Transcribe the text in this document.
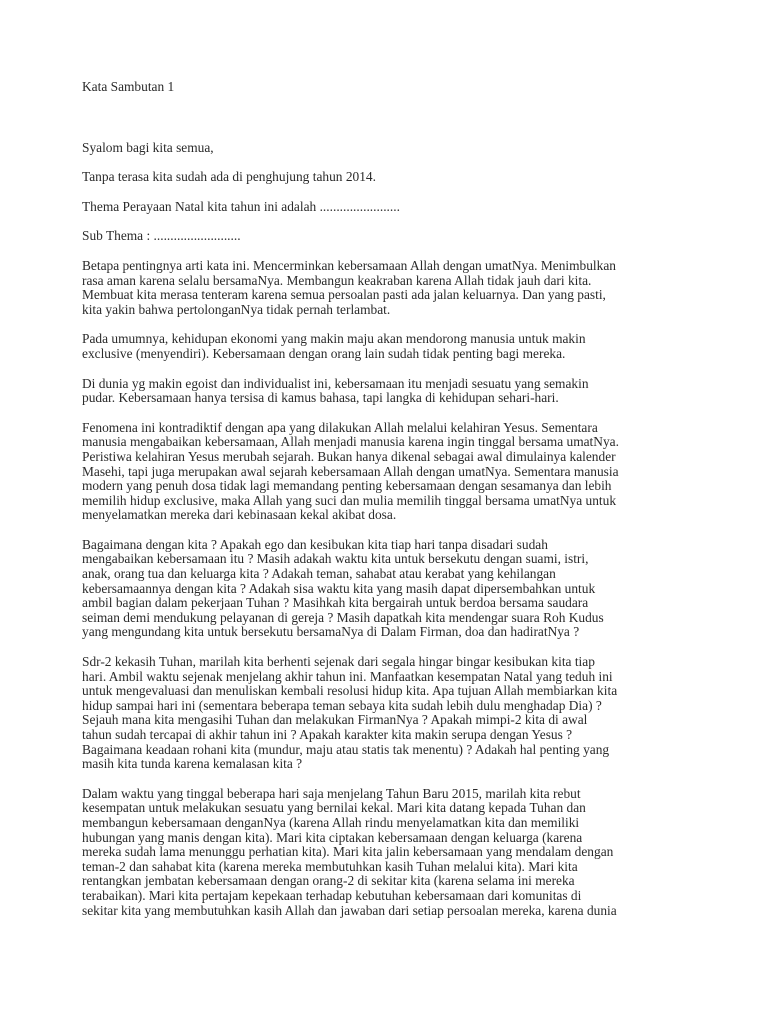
Kata Sambutan 1

Syalom bagi kita semua,

Tanpa terasa kita sudah ada di penghujung tahun 2014.

Thema Perayaan Natal kita tahun ini adalah ........................

Sub Thema : ..........................

Betapa pentingnya arti kata ini. Mencerminkan kebersamaan Allah dengan umatNya. Menimbulkan

rasa aman karena selalu bersamaNya. Membangun keakraban karena Allah tidak jauh dari kita.

Membuat kita merasa tenteram karena semua persoalan pasti ada jalan keluarnya. Dan yang pasti,

kita yakin bahwa pertolonganNya tidak pernah terlambat.

Pada umumnya, kehidupan ekonomi yang makin maju akan mendorong manusia untuk makin

exclusive (menyendiri). Kebersamaan dengan orang lain sudah tidak penting bagi mereka.

Di dunia yg makin egoist dan individualist ini, kebersamaan itu menjadi sesuatu yang semakin

pudar. Kebersamaan hanya tersisa di kamus bahasa, tapi langka di kehidupan sehari-hari.

Fenomena ini kontradiktif dengan apa yang dilakukan Allah melalui kelahiran Yesus. Sementara

manusia mengabaikan kebersamaan, Allah menjadi manusia karena ingin tinggal bersama umatNya.

Peristiwa kelahiran Yesus merubah sejarah. Bukan hanya dikenal sebagai awal dimulainya kalender

Masehi, tapi juga merupakan awal sejarah kebersamaan Allah dengan umatNya. Sementara manusia

modern yang penuh dosa tidak lagi memandang penting kebersamaan dengan sesamanya dan lebih

memilih hidup exclusive, maka Allah yang suci dan mulia memilih tinggal bersama umatNya untuk

menyelamatkan mereka dari kebinasaan kekal akibat dosa.

Bagaimana dengan kita ? Apakah ego dan kesibukan kita tiap hari tanpa disadari sudah

mengabaikan kebersamaan itu ? Masih adakah waktu kita untuk bersekutu dengan suami, istri,

anak, orang tua dan keluarga kita ? Adakah teman, sahabat atau kerabat yang kehilangan

kebersamaannya dengan kita ? Adakah sisa waktu kita yang masih dapat dipersembahkan untuk

ambil bagian dalam pekerjaan Tuhan ? Masihkah kita bergairah untuk berdoa bersama saudara

seiman demi mendukung pelayanan di gereja ? Masih dapatkah kita mendengar suara Roh Kudus

yang mengundang kita untuk bersekutu bersamaNya di Dalam Firman, doa dan hadiratNya ?

Sdr-2 kekasih Tuhan, marilah kita berhenti sejenak dari segala hingar bingar kesibukan kita tiap

hari. Ambil waktu sejenak menjelang akhir tahun ini. Manfaatkan kesempatan Natal yang teduh ini

untuk mengevaluasi dan menuliskan kembali resolusi hidup kita. Apa tujuan Allah membiarkan kita

hidup sampai hari ini (sementara beberapa teman sebaya kita sudah lebih dulu menghadap Dia) ?

Sejauh mana kita mengasihi Tuhan dan melakukan FirmanNya ? Apakah mimpi-2 kita di awal

tahun sudah tercapai di akhir tahun ini ? Apakah karakter kita makin serupa dengan Yesus ?

Bagaimana keadaan rohani kita (mundur, maju atau statis tak menentu) ? Adakah hal penting yang

masih kita tunda karena kemalasan kita ?

Dalam waktu yang tinggal beberapa hari saja menjelang Tahun Baru 2015, marilah kita rebut

kesempatan untuk melakukan sesuatu yang bernilai kekal. Mari kita datang kepada Tuhan dan

membangun kebersamaan denganNya (karena Allah rindu menyelamatkan kita dan memiliki

hubungan yang manis dengan kita). Mari kita ciptakan kebersamaan dengan keluarga (karena

mereka sudah lama menunggu perhatian kita). Mari kita jalin kebersamaan yang mendalam dengan

teman-2 dan sahabat kita (karena mereka membutuhkan kasih Tuhan melalui kita). Mari kita

rentangkan jembatan kebersamaan dengan orang-2 di sekitar kita (karena selama ini mereka

terabaikan). Mari kita pertajam kepekaan terhadap kebutuhan kebersamaan dari komunitas di

sekitar kita yang membutuhkan kasih Allah dan jawaban dari setiap persoalan mereka, karena dunia
